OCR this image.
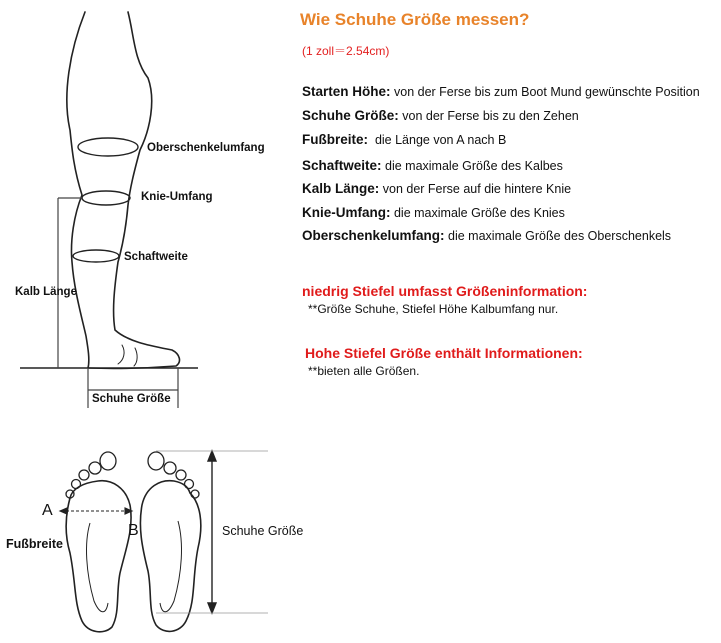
Oberschenkelumfang
Knie-Umfang
Schaftweite
Kalb Länge
Schuhe Größe
Wie Schuhe Größe messen?
(1 zoll＝2.54cm)
Starten Höhe: von der Ferse bis zum Boot Mund gewünschte Position
Schuhe Größe: von der Ferse bis zu den Zehen
Fußbreite: die Länge von A nach B
Schaftweite: die maximale Größe des Kalbes
Kalb Länge: von der Ferse auf die hintere Knie
Knie-Umfang: die maximale Größe des Knies
Oberschenkelumfang: die maximale Größe des Oberschenkels
niedrig Stiefel umfasst Größeninformation:
**Größe Schuhe, Stiefel Höhe Kalbumfang nur.
Hohe Stiefel Größe enthält Informationen:
**bieten alle Größen.
A
B
Fußbreite
Schuhe Größe
